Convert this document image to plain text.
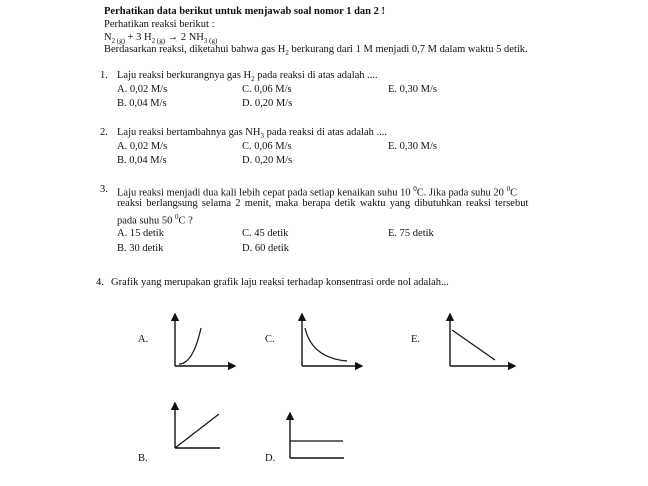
Perhatikan data berikut untuk menjawab soal nomor 1 dan 2 !
Perhatikan reaksi berikut :
$N_{2 (g)} + 3$ $H_{2 (g)} \to 2$ $NH_{3 (g)}$
Berdasarkan reaksi, diketahui bahwa gas $H_2$ berkurang dari 1 M menjadi 0,7 M dalam waktu 5 detik.
1. Laju reaksi berkurangnya gas $H_2$ pada reaksi di atas adalah ....
A. 0,02 M/s
B. 0,04 M/s
C. 0,06 M/s
D. 0,20 M/s
E. 0,30 M/s
2. Laju reaksi bertambahnya gas $NH_3$ pada reaksi di atas adalah ....
A. 0,02 M/s
B. 0,04 M/s
C. 0,06 M/s
D. 0,20 M/s
E. 0,30 M/s
3. Laju reaksi menjadi dua kali lebih cepat pada setiap kenaikan suhu 10 $^0$C. Jika pada suhu 20 $^0$C
reaksi berlangsung selama 2 menit, maka berapa detik waktu yang dibutuhkan reaksi tersebut
pada suhu 50 $^0$C ?
A. 15 detik
B. 30 detik
C. 45 detik
D. 60 detik
E. 75 detik
4. Grafik yang merupakan grafik laju reaksi terhadap konsentrasi orde nol adalah...
A.	C.	E.
B.	D.
